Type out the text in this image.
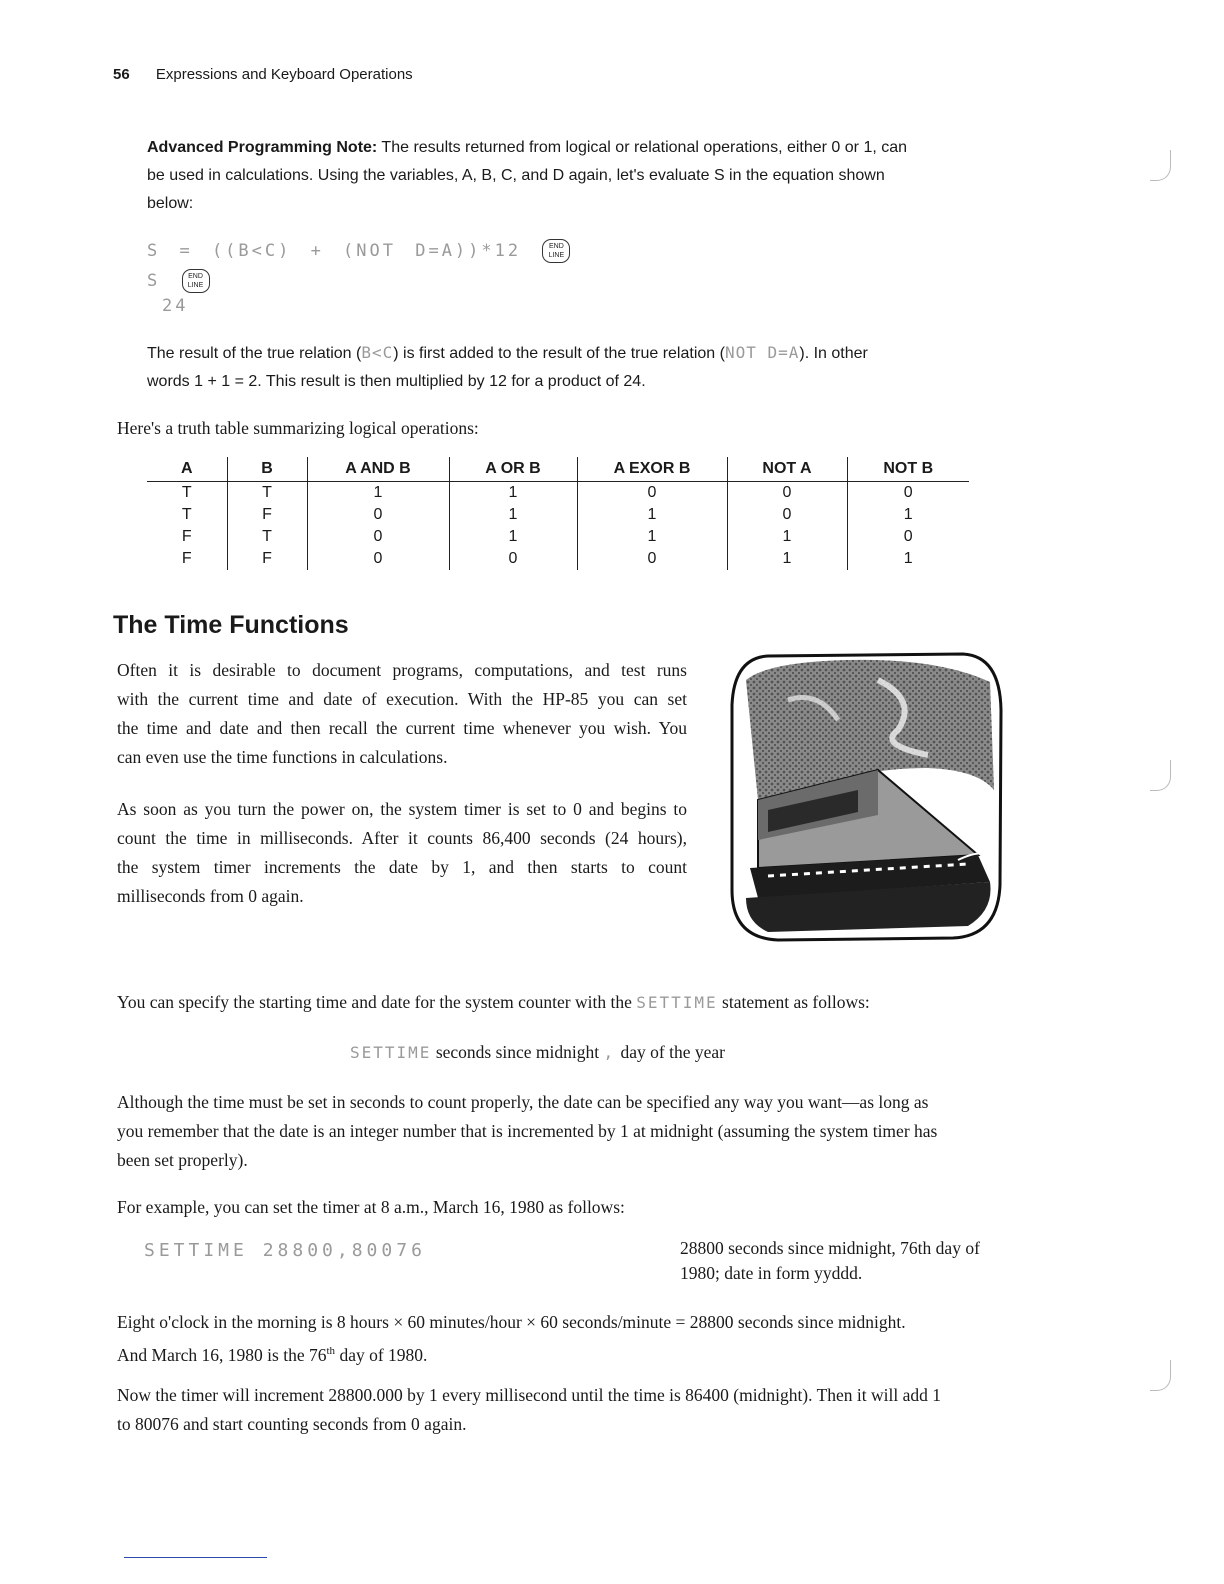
56 Expressions and Keyboard Operations
Advanced Programming Note: The results returned from logical or relational operations, either 0 or 1, can
be used in calculations. Using the variables, A, B, C, and D again, let's evaluate S in the equation shown
below:
S = ((B<C) + (NOT D=A))*12	END
LINE
S	END
LINE
24
The result of the true relation (B<C) is first added to the result of the true relation (NOT D=A). In other
words 1 + 1 = 2. This result is then multiplied by 12 for a product of 24.
Here's a truth table summarizing logical operations:
A	B	A AND B	A OR B	A EXOR B	NOT A	NOT B
T	T	1	1	0	0	0
T	F	0	1	1	0	1
F	T	0	1	1	1	0
F	F	0	0	0	1	1
The Time Functions
Often it is desirable to document programs, computations, and test runs
with the current time and date of execution. With the HP-85 you can set
the time and date and then recall the current time whenever you wish. You
can even use the time functions in calculations.
As soon as you turn the power on, the system timer is set to 0 and begins to
count the time in milliseconds. After it counts 86,400 seconds (24 hours),
the system timer increments the date by 1, and then starts to count
milliseconds from 0 again.
You can specify the starting time and date for the system counter with the SETTIME statement as follows:
SETTIME seconds since midnight , day of the year
Although the time must be set in seconds to count properly, the date can be specified any way you want—as long as
you remember that the date is an integer number that is incremented by 1 at midnight (assuming the system timer has
been set properly).
For example, you can set the timer at 8 a.m., March 16, 1980 as follows:
SETTIME 28800,80076	28800 seconds since midnight, 76th day of
1980; date in form yyddd.
Eight o'clock in the morning is 8 hours × 60 minutes/hour × 60 seconds/minute = 28800 seconds since midnight.
And March 16, 1980 is the 76th day of 1980.
Now the timer will increment 28800.000 by 1 every millisecond until the time is 86400 (midnight). Then it will add 1
to 80076 and start counting seconds from 0 again.
